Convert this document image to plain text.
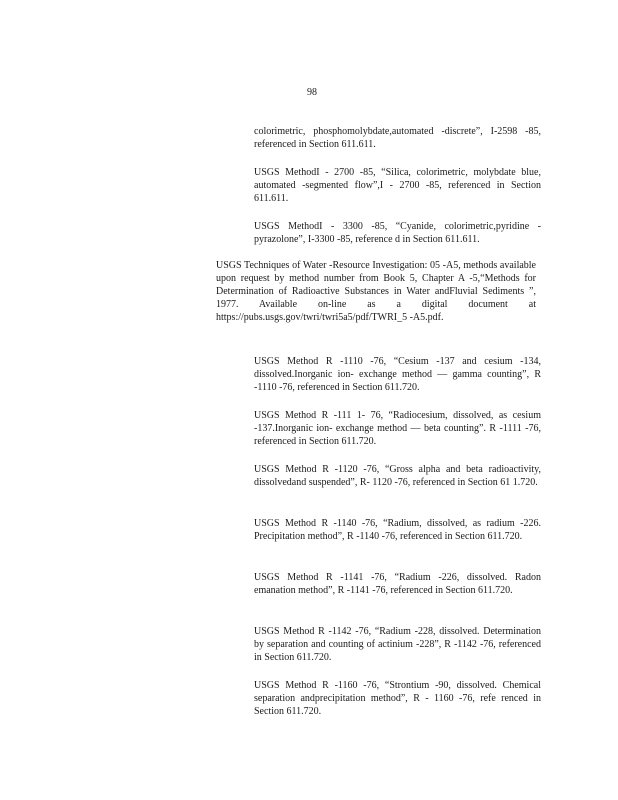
98

colorimetric, phosphomolybdate,automated -discrete”, I-2598 -85, referenced in Section 611.611.

USGS MethodI - 2700 -85, “Silica, colorimetric, molybdate blue, automated -segmented flow”,I - 2700 -85, referenced in Section 611.611.

USGS MethodI - 3300 -85, “Cyanide, colorimetric,pyridine -pyrazolone”, I-3300 -85, reference d in Section 611.611.

USGS Techniques of Water -Resource Investigation: 05 -A5, methods available upon request by method number from Book 5, Chapter A -5,“Methods for Determination of Radioactive Substances in Water andFluvial Sediments ”, 1977. Available on-line as a digital document at https://pubs.usgs.gov/twri/twri5a5/pdf/TWRI_5 -A5.pdf.

USGS Method R -1110 -76, “Cesium -137 and cesium -134, dissolved.Inorganic ion- exchange method — gamma counting”, R -1110 -76, referenced in Section 611.720.

USGS Method R -111 1- 76, “Radiocesium, dissolved, as cesium -137.Inorganic ion- exchange method — beta counting”. R -1111 -76, referenced in Section 611.720.

USGS Method R -1120 -76, “Gross alpha and beta radioactivity, dissolvedand suspended”, R- 1120 -76, referenced in Section 61 1.720.

USGS Method R -1140 -76, “Radium, dissolved, as radium -226. Precipitation method”, R -1140 -76, referenced in Section 611.720.

USGS Method R -1141 -76, “Radium -226, dissolved. Radon emanation method”, R -1141 -76, referenced in Section 611.720.

USGS Method R -1142 -76, “Radium -228, dissolved. Determination by separation and counting of actinium -228”, R -1142 -76, referenced in Section 611.720.

USGS Method R -1160 -76, “Strontium -90, dissolved. Chemical separation andprecipitation method”, R - 1160 -76, refe renced in Section 611.720.
